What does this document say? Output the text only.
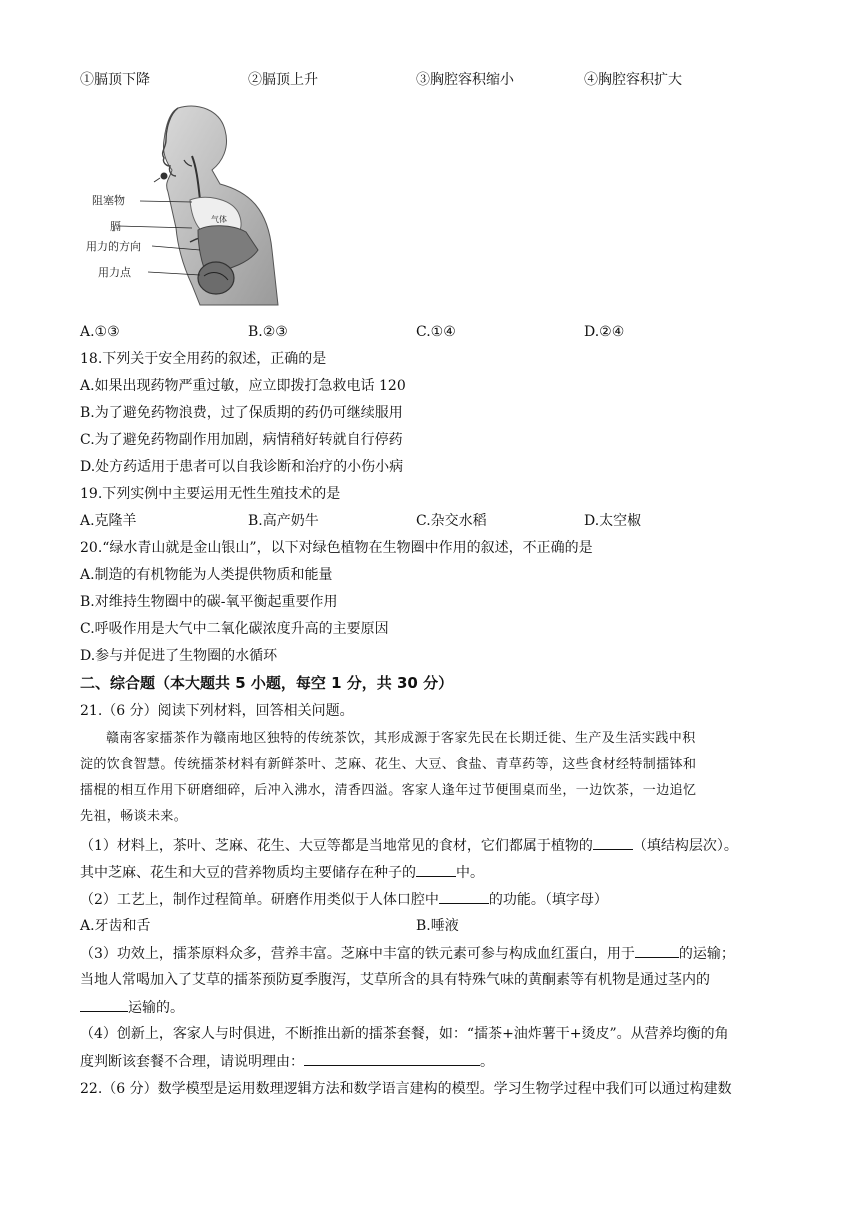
①膈顶下降	②膈顶上升	③胸腔容积缩小	④胸腔容积扩大
气体
阻塞物
膈
用力的方向
用力点
A.①③	B.②③	C.①④	D.②④
18.下列关于安全用药的叙述，正确的是
A.如果出现药物严重过敏，应立即拨打急救电话 120
B.为了避免药物浪费，过了保质期的药仍可继续服用
C.为了避免药物副作用加剧，病情稍好转就自行停药
D.处方药适用于患者可以自我诊断和治疗的小伤小病
19.下列实例中主要运用无性生殖技术的是
A.克隆羊	B.高产奶牛	C.杂交水稻	D.太空椒
20.“绿水青山就是金山银山”，以下对绿色植物在生物圈中作用的叙述，不正确的是
A.制造的有机物能为人类提供物质和能量
B.对维持生物圈中的碳-氧平衡起重要作用
C.呼吸作用是大气中二氧化碳浓度升高的主要原因
D.参与并促进了生物圈的水循环
二、综合题（本大题共 5 小题，每空 1 分，共 30 分）
21.（6 分）阅读下列材料，回答相关问题。
赣南客家擂茶作为赣南地区独特的传统茶饮，其形成源于客家先民在长期迁徙、生产及生活实践中积
淀的饮食智慧。传统擂茶材料有新鲜茶叶、芝麻、花生、大豆、食盐、青草药等，这些食材经特制擂钵和
擂棍的相互作用下研磨细碎，后冲入沸水，清香四溢。客家人逢年过节便围桌而坐，一边饮茶，一边追忆
先祖，畅谈未来。
（1）材料上，茶叶、芝麻、花生、大豆等都是当地常见的食材，它们都属于植物的	（填结构层次）。
其中芝麻、花生和大豆的营养物质均主要储存在种子的	中。
（2）工艺上，制作过程简单。研磨作用类似于人体口腔中	的功能。（填字母）
A.牙齿和舌	B.唾液
（3）功效上，擂茶原料众多，营养丰富。芝麻中丰富的铁元素可参与构成血红蛋白，用于	的运输；
当地人常喝加入了艾草的擂茶预防夏季腹泻，艾草所含的具有特殊气味的黄酮素等有机物是通过茎内的
运输的。
（4）创新上，客家人与时俱进，不断推出新的擂茶套餐，如：“擂茶+油炸薯干+烫皮”。从营养均衡的角
度判断该套餐不合理，请说明理由：	。
22.（6 分）数学模型是运用数理逻辑方法和数学语言建构的模型。学习生物学过程中我们可以通过构建数
